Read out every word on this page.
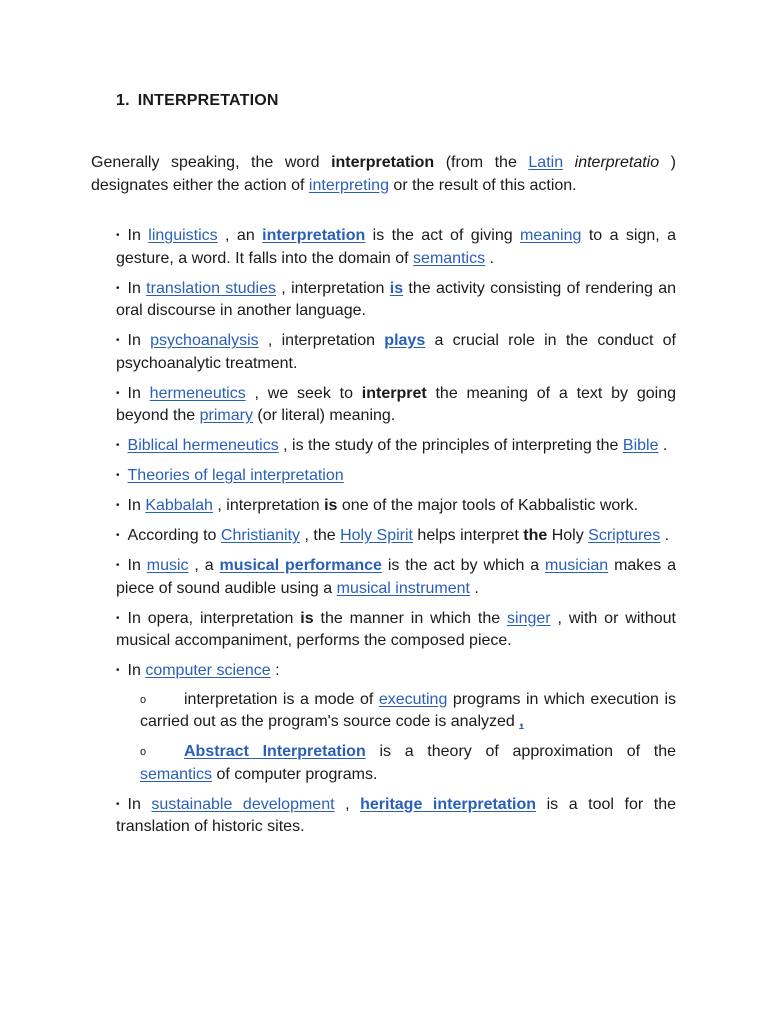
1. INTERPRETATION

Generally speaking, the word interpretation (from the Latin interpretatio ) designates either the action of interpreting or the result of this action.

• In linguistics , an interpretation is the act of giving meaning to a sign, a gesture, a word. It falls into the domain of semantics .
• In translation studies , interpretation is the activity consisting of rendering an oral discourse in another language.
• In psychoanalysis , interpretation plays a crucial role in the conduct of psychoanalytic treatment.
• In hermeneutics , we seek to interpret the meaning of a text by going beyond the primary (or literal) meaning.
• Biblical hermeneutics , is the study of the principles of interpreting the Bible .
• Theories of legal interpretation
• In Kabbalah , interpretation is one of the major tools of Kabbalistic work.
• According to Christianity , the Holy Spirit helps interpret the Holy Scriptures .
• In music , a musical performance is the act by which a musician makes a piece of sound audible using a musical instrument .
• In opera, interpretation is the manner in which the singer , with or without musical accompaniment, performs the composed piece.
• In computer science :
o interpretation is a mode of executing programs in which execution is carried out as the program's source code is analyzed ,
o Abstract Interpretation is a theory of approximation of the semantics of computer programs.
• In sustainable development , heritage interpretation is a tool for the translation of historic sites.
